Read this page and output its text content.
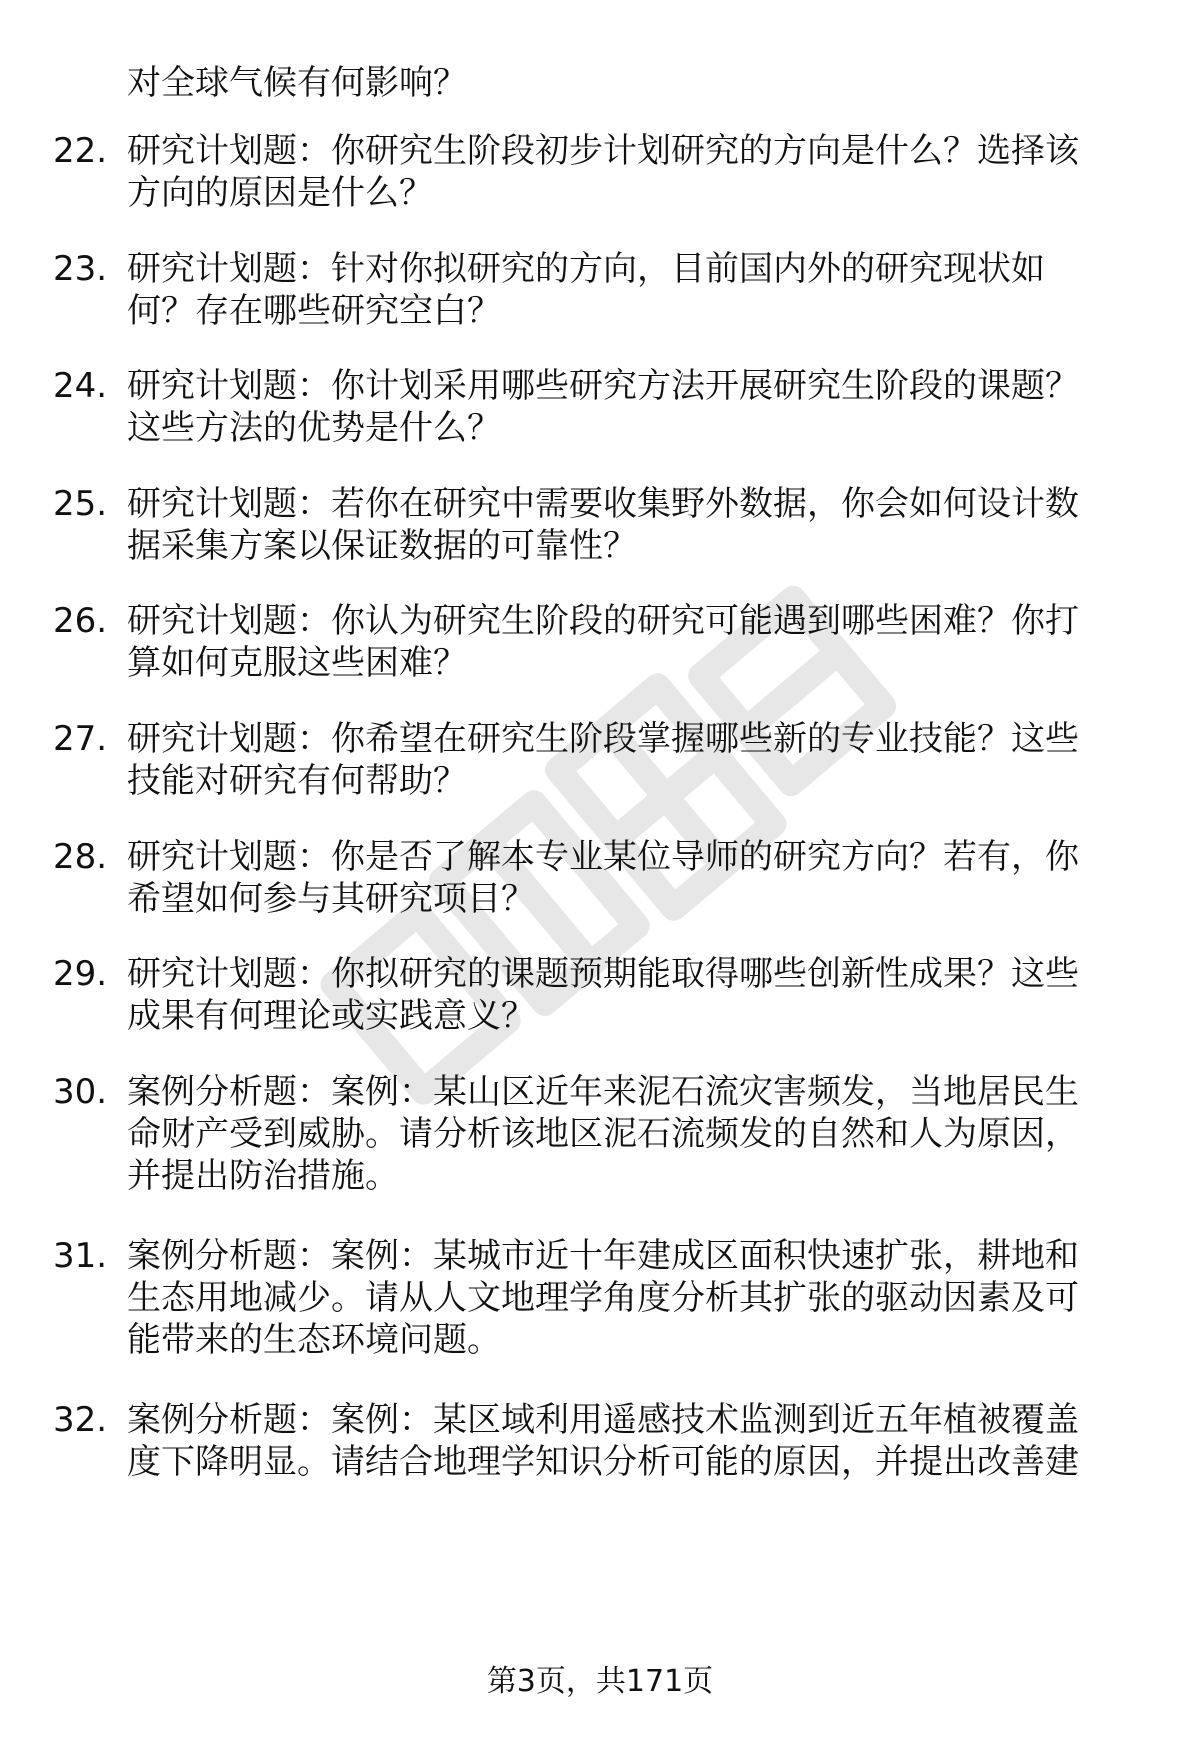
对全球气候有何影响？
22. 研究计划题：你研究生阶段初步计划研究的方向是什么？选择该
方向的原因是什么？
23. 研究计划题：针对你拟研究的方向，目前国内外的研究现状如
何？存在哪些研究空白？
24. 研究计划题：你计划采用哪些研究方法开展研究生阶段的课题？
这些方法的优势是什么？
25. 研究计划题：若你在研究中需要收集野外数据，你会如何设计数
据采集方案以保证数据的可靠性？
26. 研究计划题：你认为研究生阶段的研究可能遇到哪些困难？你打
算如何克服这些困难？
27. 研究计划题：你希望在研究生阶段掌握哪些新的专业技能？这些
技能对研究有何帮助？
28. 研究计划题：你是否了解本专业某位导师的研究方向？若有，你
希望如何参与其研究项目？
29. 研究计划题：你拟研究的课题预期能取得哪些创新性成果？这些
成果有何理论或实践意义？
30. 案例分析题：案例：某山区近年来泥石流灾害频发，当地居民生
命财产受到威胁。请分析该地区泥石流频发的自然和人为原因，
并提出防治措施。
31. 案例分析题：案例：某城市近十年建成区面积快速扩张，耕地和
生态用地减少。请从人文地理学角度分析其扩张的驱动因素及可
能带来的生态环境问题。
32. 案例分析题：案例：某区域利用遥感技术监测到近五年植被覆盖
度下降明显。请结合地理学知识分析可能的原因，并提出改善建
第3页，共171页
